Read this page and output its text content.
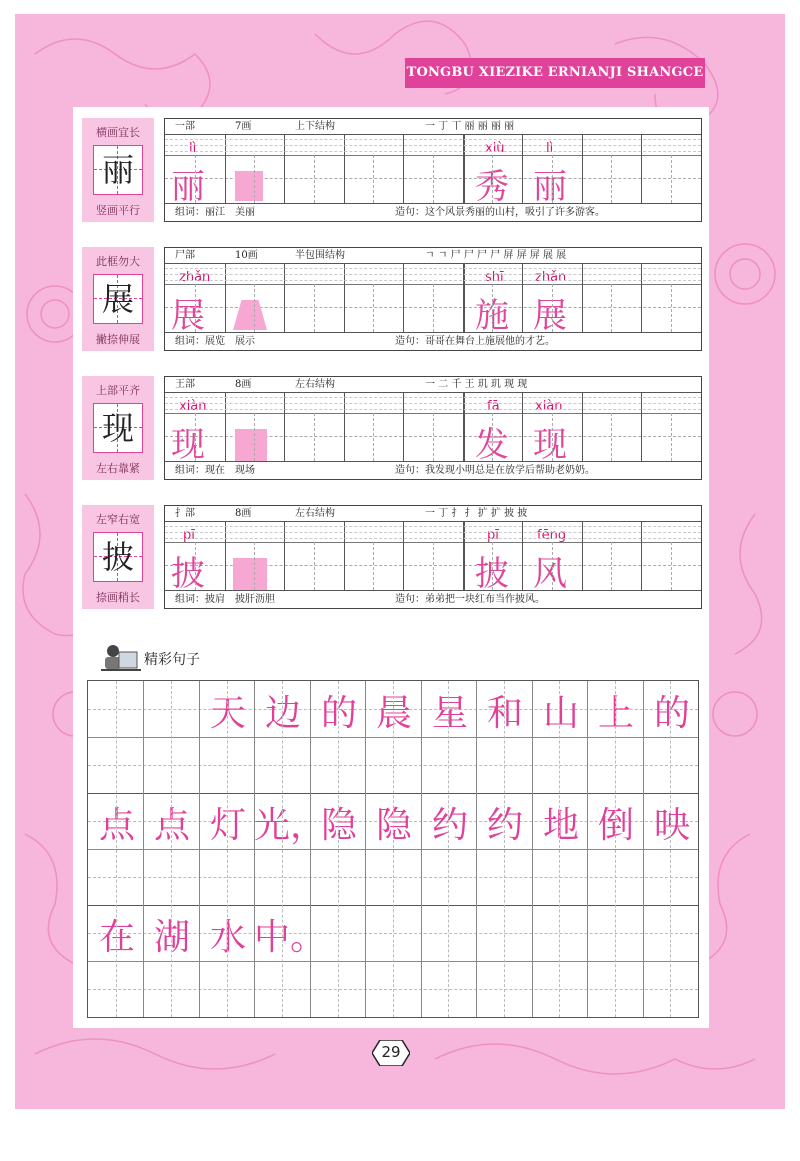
TONGBU XIEZIKE ERNIANJI SHANGCE
横画宜长
丽
竖画平行
一部	7画	上下结构	一 丁 丅 丽 丽 丽 丽
lì	xiù	lì
丽	秀 丽
组词：丽江　美丽	造句：这个风景秀丽的山村，吸引了许多游客。
此框勿大
展
撇捺伸展
尸部	10画	半包围结构	ㄱ ㄱ 尸 尸 尸 尸 屏 屏 屏 展 展
zhǎn	shī zhǎn
展	施 展
组词：展览　展示	造句：哥哥在舞台上施展他的才艺。
上部平齐
现
左右靠紧
王部	8画	左右结构	一 二 千 王 玑 玑 现 现
xiàn	fā	xiàn
现	发 现
组词：现在　现场	造句：我发现小明总是在放学后帮助老奶奶。
左窄右宽
披
捺画稍长
扌部	8画	左右结构	一 丁 扌 扌 扩 扩 披 披
pī	pī	fēng
披	披 风
组词：披肩　披肝沥胆	造句：弟弟把一块红布当作披风。
精彩句子
天 边 的 晨 星 和 山 上 的
点 点 灯 光，
隐 隐 约 约 地 倒 映
在 湖 水 中。
29
